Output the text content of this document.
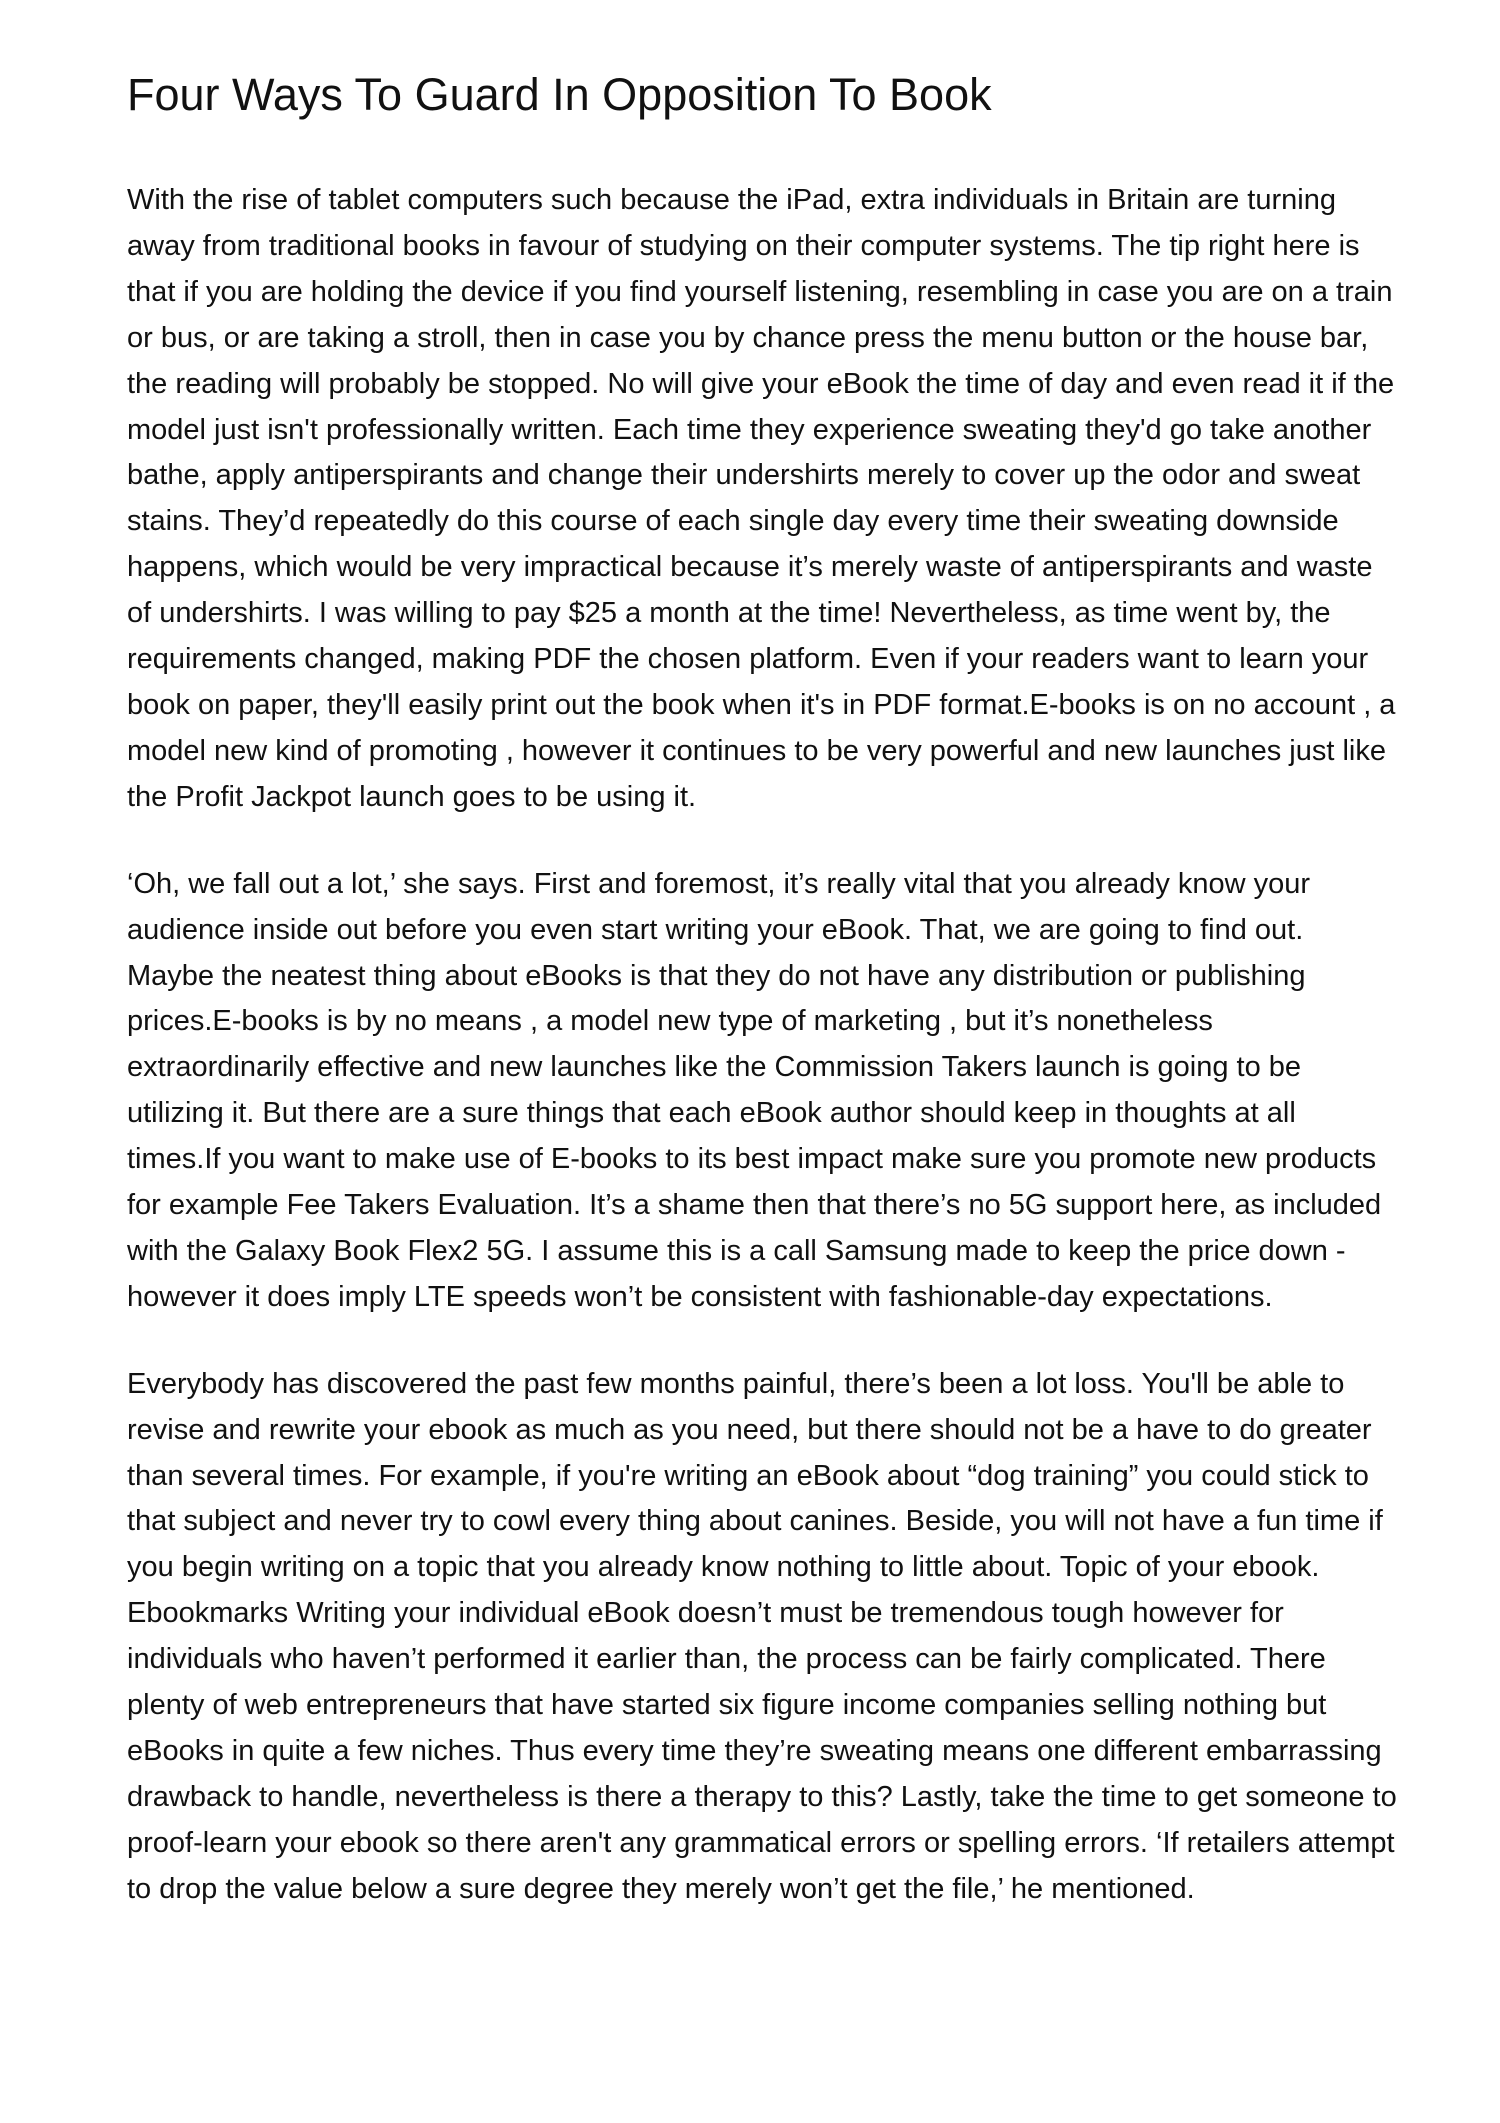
Four Ways To Guard In Opposition To Book

With the rise of tablet computers such because the iPad, extra individuals in Britain are turning away from traditional books in favour of studying on their computer systems. The tip right here is that if you are holding the device if you find yourself listening, resembling in case you are on a train or bus, or are taking a stroll, then in case you by chance press the menu button or the house bar, the reading will probably be stopped. No will give your eBook the time of day and even read it if the model just isn't professionally written. Each time they experience sweating they'd go take another bathe, apply antiperspirants and change their undershirts merely to cover up the odor and sweat stains. They’d repeatedly do this course of each single day every time their sweating downside happens, which would be very impractical because it’s merely waste of antiperspirants and waste of undershirts. I was willing to pay $25 a month at the time! Nevertheless, as time went by, the requirements changed, making PDF the chosen platform. Even if your readers want to learn your book on paper, they'll easily print out the book when it's in PDF format.E-books is on no account , a model new kind of promoting , however it continues to be very powerful and new launches just like the Profit Jackpot launch goes to be using it.

‘Oh, we fall out a lot,’ she says. First and foremost, it’s really vital that you already know your audience inside out before you even start writing your eBook. That, we are going to find out. Maybe the neatest thing about eBooks is that they do not have any distribution or publishing prices.E-books is by no means , a model new type of marketing , but it’s nonetheless extraordinarily effective and new launches like the Commission Takers launch is going to be utilizing it. But there are a sure things that each eBook author should keep in thoughts at all times.If you want to make use of E-books to its best impact make sure you promote new products for example Fee Takers Evaluation. It’s a shame then that there’s no 5G support here, as included with the Galaxy Book Flex2 5G. I assume this is a call Samsung made to keep the price down - however it does imply LTE speeds won’t be consistent with fashionable-day expectations.

Everybody has discovered the past few months painful, there’s been a lot loss. You'll be able to revise and rewrite your ebook as much as you need, but there should not be a have to do greater than several times. For example, if you're writing an eBook about “dog training” you could stick to that subject and never try to cowl every thing about canines. Beside, you will not have a fun time if you begin writing on a topic that you already know nothing to little about. Topic of your ebook. Ebookmarks Writing your individual eBook doesn’t must be tremendous tough however for individuals who haven’t performed it earlier than, the process can be fairly complicated. There plenty of web entrepreneurs that have started six figure income companies selling nothing but eBooks in quite a few niches. Thus every time they’re sweating means one different embarrassing drawback to handle, nevertheless is there a therapy to this? Lastly, take the time to get someone to proof-learn your ebook so there aren't any grammatical errors or spelling errors. ‘If retailers attempt to drop the value below a sure degree they merely won’t get the file,’ he mentioned.
